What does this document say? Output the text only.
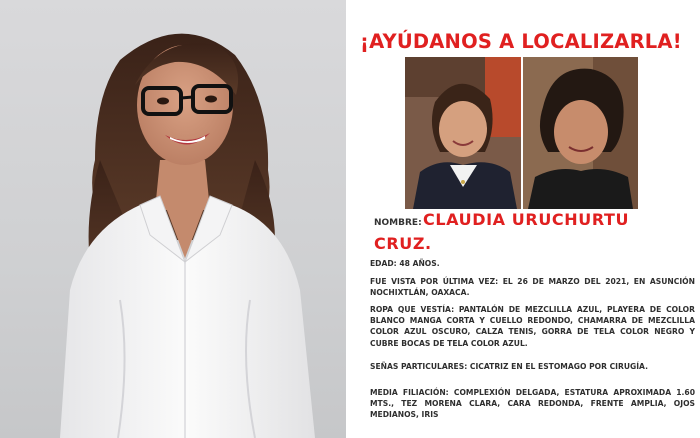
¡AYÚDANOS A LOCALIZARLA!
NOMBRE: CLAUDIA URUCHURTU
CRUZ.
EDAD: 48 AÑOS.
FUE VISTA POR ÚLTIMA VEZ: EL 26 DE MARZO DEL 2021, EN ASUNCIÓN NOCHIXTLÁN, OAXACA.
ROPA QUE VESTÍA: PANTALÓN DE MEZCLILLA AZUL, PLAYERA DE COLOR BLANCO MANGA CORTA Y CUELLO REDONDO, CHAMARRA DE MEZCLILLA COLOR AZUL OSCURO, CALZA TENIS, GORRA DE TELA COLOR NEGRO Y CUBRE BOCAS DE TELA COLOR AZUL.
SEÑAS PARTICULARES: CICATRIZ EN EL ESTOMAGO POR CIRUGÍA.
MEDIA FILIACIÓN: COMPLEXIÓN DELGADA, ESTATURA APROXIMADA 1.60 MTS., TEZ MORENA CLARA, CARA REDONDA, FRENTE AMPLIA, OJOS MEDIANOS, IRIS
